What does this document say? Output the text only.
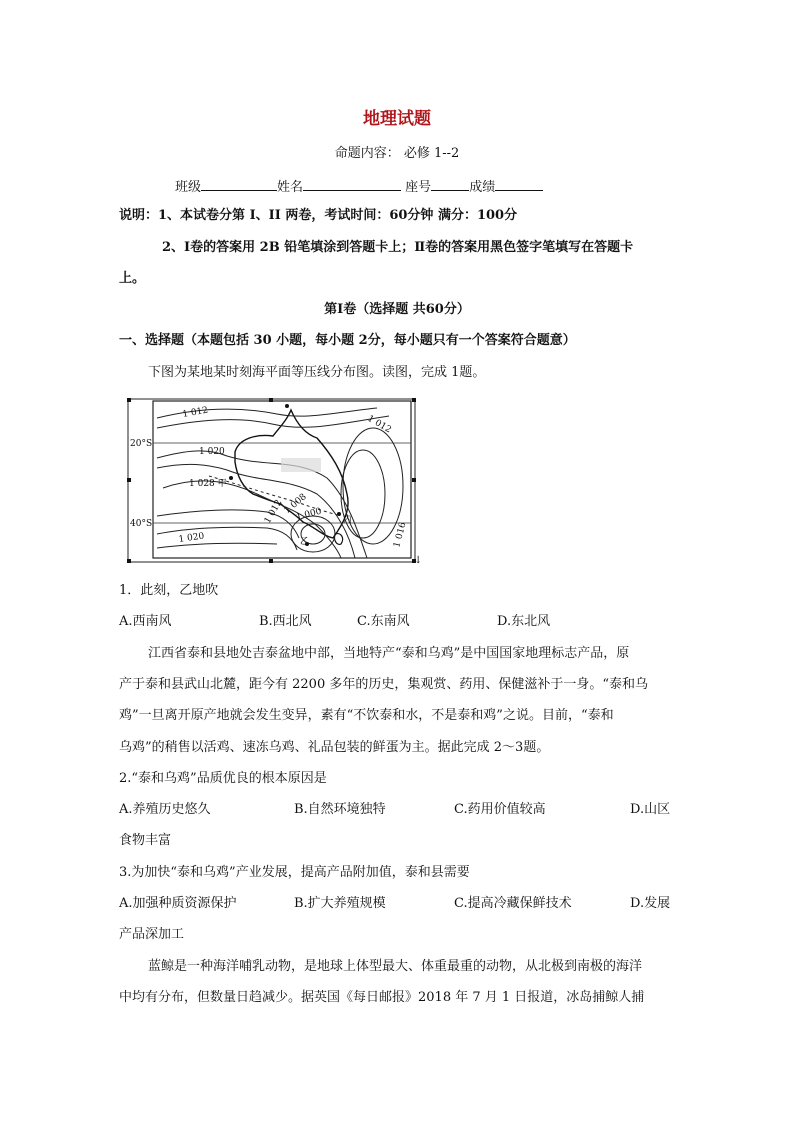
地理试题
命题内容： 必修 1--2
班级	姓名	座号	成绩
说明：1、本试卷分第 I、II 两卷，考试时间：60分钟 满分：100分
2、Ⅰ卷的答案用 2B 铅笔填涂到答题卡上；Ⅱ卷的答案用黑色签字笔填写在答题卡
上。
第Ⅰ卷（选择题 共60分）
一、选择题（本题包括 30 小题，每小题 2分，每小题只有一个答案符合题意）
下图为某地某时刻海平面等压线分布图。读图，完成 1题。
20°S
40°S
1 012
1 012
1 020
1 028 甲
1 020
1 012
1 008
1 000
1 016
乙
丙
↓
1．此刻，乙地吹
A.西南风	B.西北风	C.东南风	D.东北风
江西省泰和县地处吉泰盆地中部，当地特产“泰和乌鸡”是中国国家地理标志产品，原
产于泰和县武山北麓，距今有 2200 多年的历史，集观赏、药用、保健滋补于一身。“泰和乌
鸡”一旦离开原产地就会发生变异，素有“不饮泰和水，不是泰和鸡”之说。目前，“泰和
乌鸡”的稍售以活鸡、速冻乌鸡、礼品包装的鲜蛋为主。据此完成 2～3题。
2.“泰和乌鸡”品质优良的根本原因是
A.养殖历史悠久	B.自然环境独特	C.药用价值较高	D.山区
食物丰富
3.为加快“泰和乌鸡”产业发展，提高产品附加值，泰和县需要
A.加强种质资源保护	B.扩大养殖规模	C.提高冷藏保鲜技术	D.发展
产品深加工
蓝鲸是一种海洋哺乳动物，是地球上体型最大、体重最重的动物，从北极到南极的海洋
中均有分布，但数量日趋减少。据英国《每日邮报》2018 年 7 月 1 日报道，冰岛捕鲸人捕
